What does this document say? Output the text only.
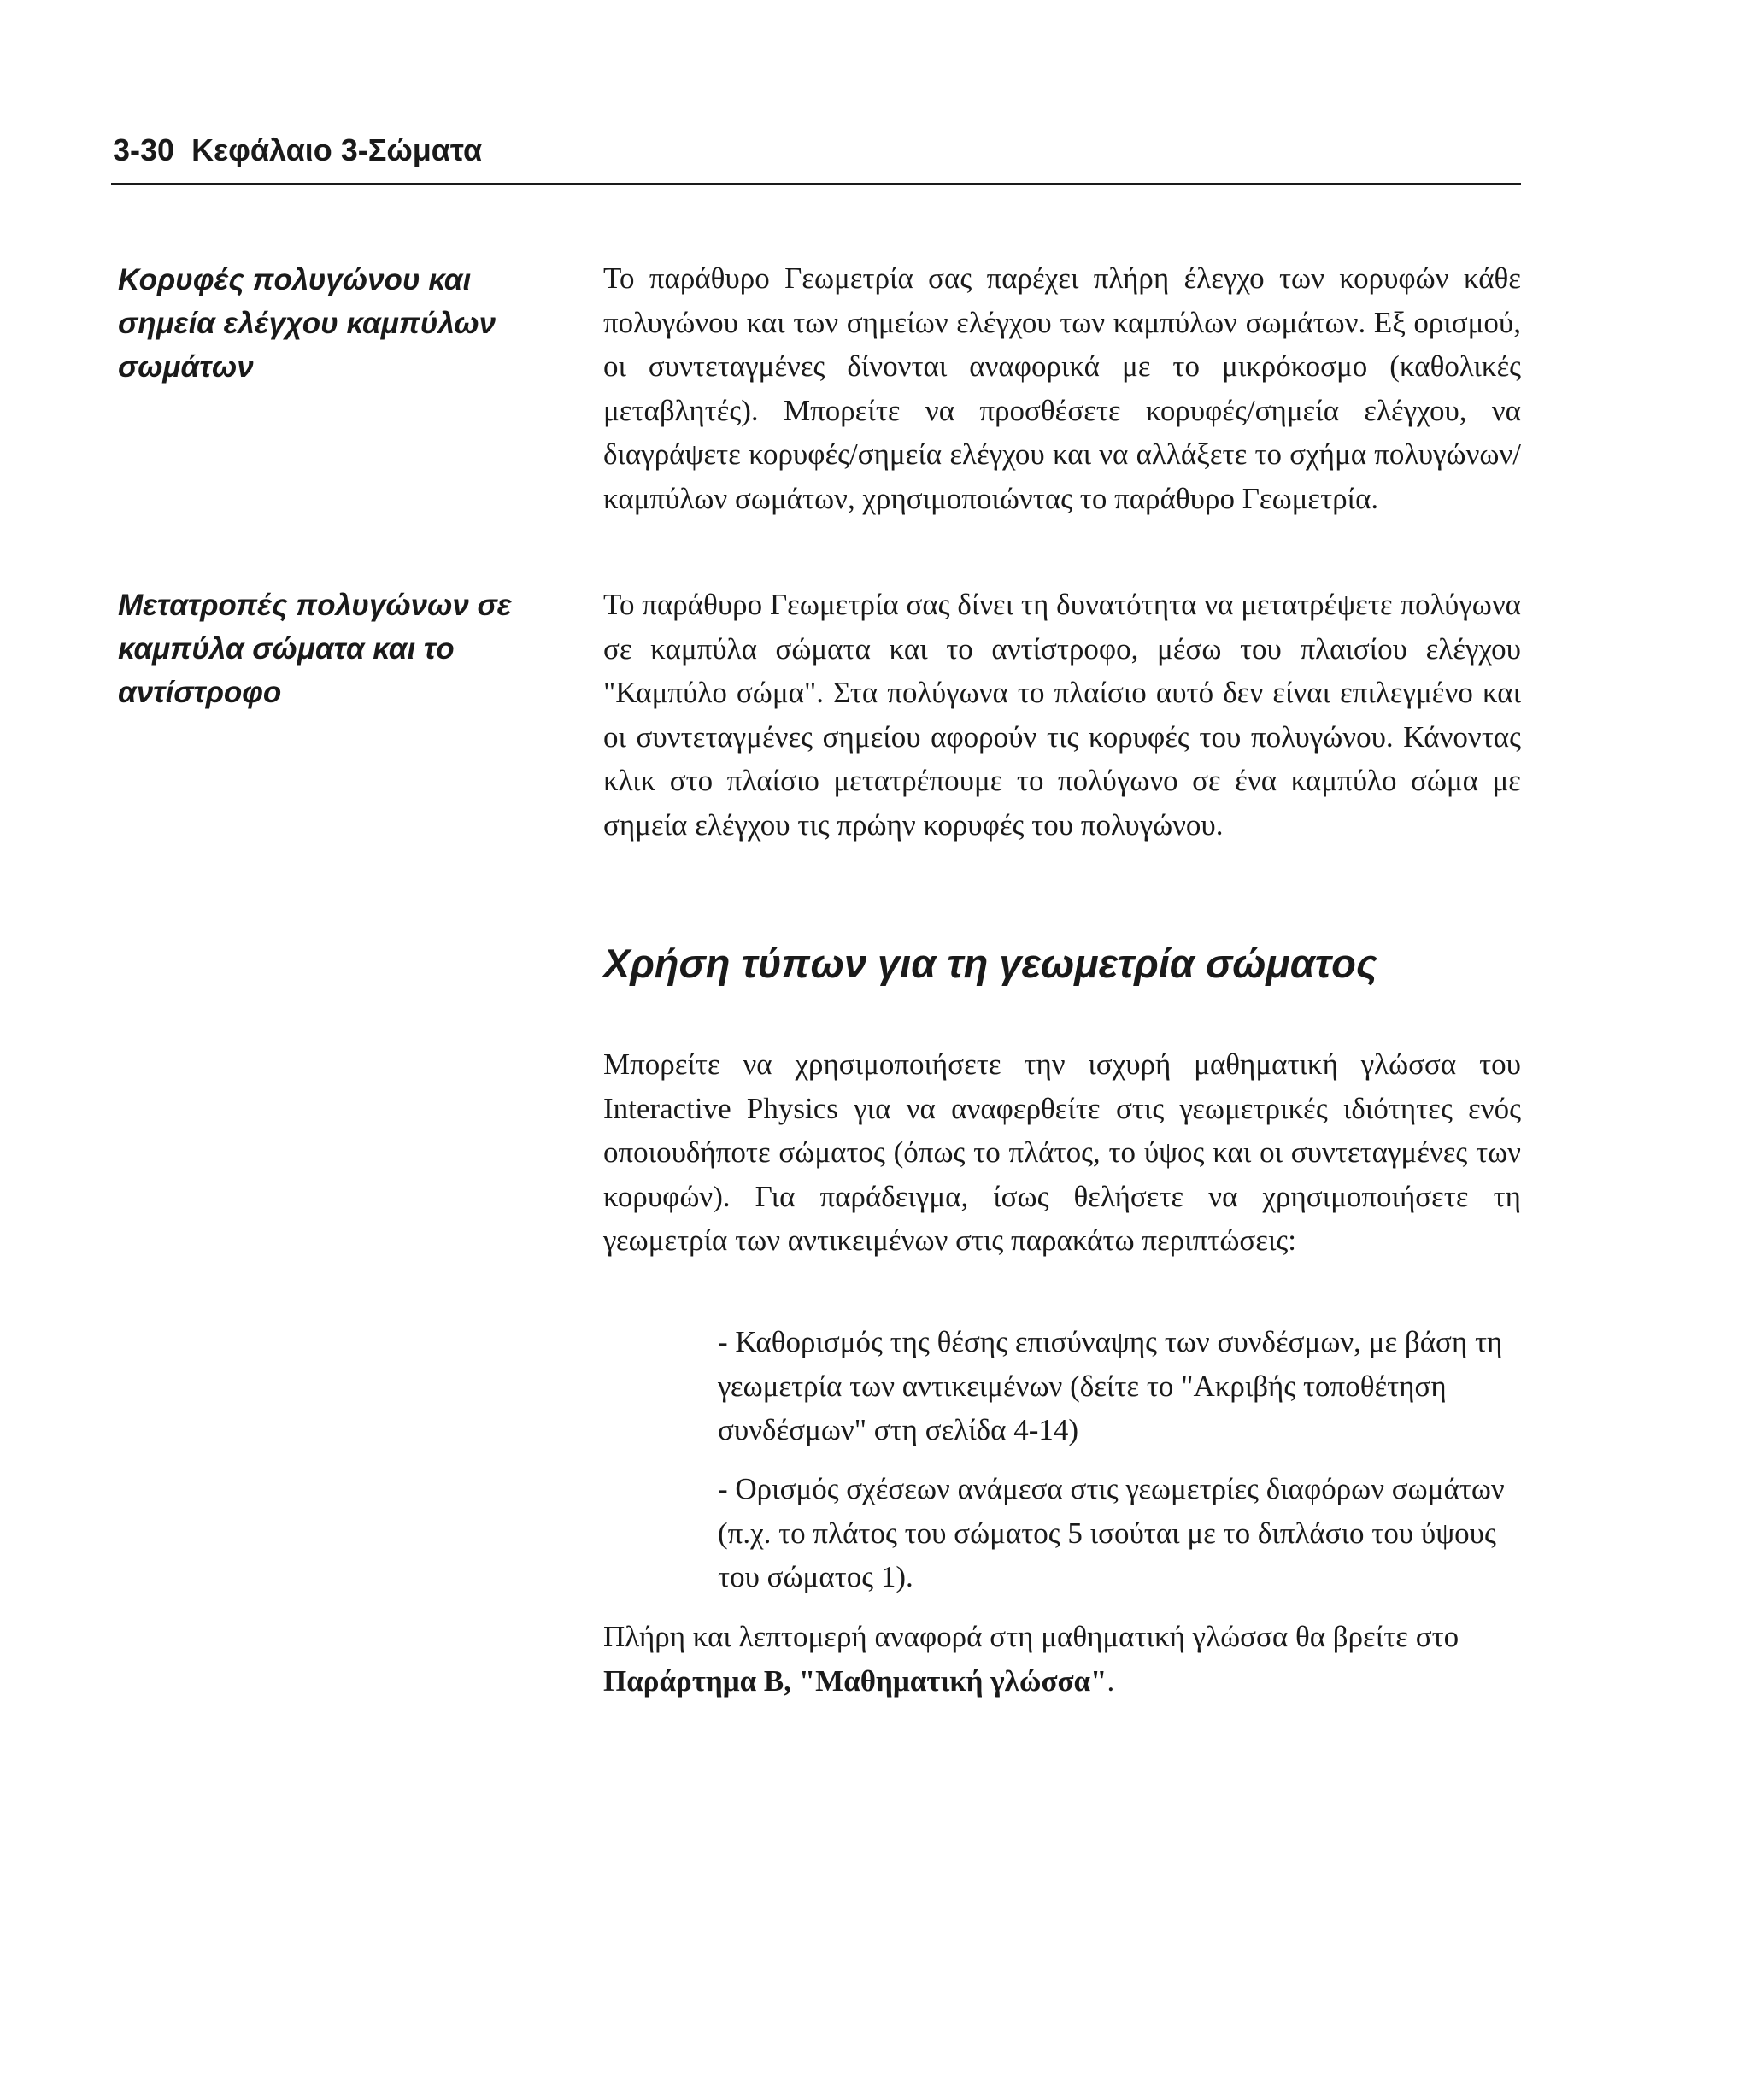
3-30 Κεφάλαιο 3-Σώματα
Κορυφές πολυγώνου και σημεία ελέγχου καμπύλων σωμάτων
Το παράθυρο Γεωμετρία σας παρέχει πλήρη έλεγχο των κορυφών κάθε πολυγώνου και των σημείων ελέγχου των καμπύλων σωμάτων. Εξ ορισμού, οι συντεταγμένες δίνονται αναφορικά με το μικρόκοσμο (καθολικές μεταβλητές). Μπορείτε να προσθέσετε κορυφές/σημεία ελέγχου, να διαγράψετε κορυφές/σημεία ελέγχου και να αλλάξετε το σχήμα πολυγώνων/καμπύλων σωμάτων, χρησιμοποιώντας το παράθυρο Γεωμετρία.
Μετατροπές πολυγώνων σε καμπύλα σώματα και το αντίστροφο
Το παράθυρο Γεωμετρία σας δίνει τη δυνατότητα να μετατρέψετε πολύγωνα σε καμπύλα σώματα και το αντίστροφο, μέσω του πλαισίου ελέγχου "Καμπύλο σώμα". Στα πολύγωνα το πλαίσιο αυτό δεν είναι επιλεγμένο και οι συντεταγμένες σημείου αφορούν τις κορυφές του πολυγώνου. Κάνοντας κλικ στο πλαίσιο μετατρέπουμε το πολύγωνο σε ένα καμπύλο σώμα με σημεία ελέγχου τις πρώην κορυφές του πολυγώνου.
Χρήση τύπων για τη γεωμετρία σώματος
Μπορείτε να χρησιμοποιήσετε την ισχυρή μαθηματική γλώσσα του Interactive Physics για να αναφερθείτε στις γεωμετρικές ιδιότητες ενός οποιουδήποτε σώματος (όπως το πλάτος, το ύψος και οι συντεταγμένες των κορυφών). Για παράδειγμα, ίσως θελήσετε να χρησιμοποιήσετε τη γεωμετρία των αντικειμένων στις παρακάτω περιπτώσεις:
- Καθορισμός της θέσης επισύναψης των συνδέσμων, με βάση τη γεωμετρία των αντικειμένων (δείτε το "Ακριβής τοποθέτηση συνδέσμων" στη σελίδα 4-14)
- Ορισμός σχέσεων ανάμεσα στις γεωμετρίες διαφόρων σωμάτων (π.χ. το πλάτος του σώματος 5 ισούται με το διπλάσιο του ύψους του σώματος 1).
Πλήρη και λεπτομερή αναφορά στη μαθηματική γλώσσα θα βρείτε στο Παράρτημα Β, "Μαθηματική γλώσσα".
